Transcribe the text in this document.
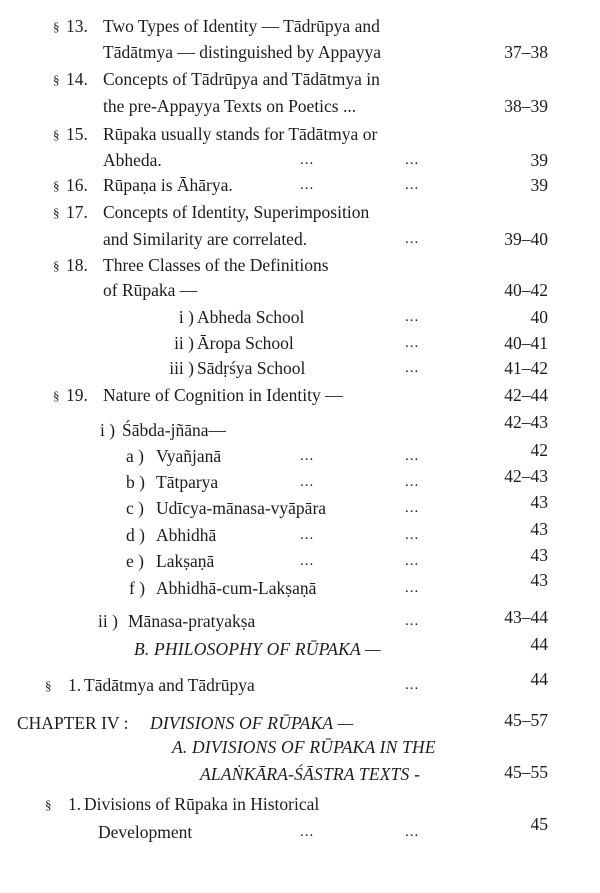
§ 13. Two Types of Identity — Tādrūpya and
Tādātmya — distinguished by Appayya	37–38
§ 14. Concepts of Tādrūpya and Tādātmya in
the pre-Appayya Texts on Poetics ...	38–39
§ 15. Rūpaka usually stands for Tādātmya or
Abheda.	...	...	39
§ 16. Rūpaṇa is Āhārya.	...	...	39
§ 17. Concepts of Identity, Superimposition
and Similarity are correlated.	...	39–40
§ 18. Three Classes of the Definitions
of Rūpaka —	40–42
i ) Abheda School	...	40
ii ) Āropa School	...	40–41
iii ) Sādṛśya School	...	41–42
§ 19. Nature of Cognition in Identity —	42–44
i ) Śābda-jñāna—	42–43
a ) Vyañjanā	...	...	42
b ) Tātparya	...	...	42–43
c ) Udīcya-mānasa-vyāpāra	...	43
d ) Abhidhā	...	...	43
e ) Lakṣaṇā	...	...	43
f ) Abhidhā-cum-Lakṣaṇā	...	43
ii ) Mānasa-pratyakṣa	...	43–44
B. PHILOSOPHY OF RŪPAKA —	44
§ 1. Tādātmya and Tādrūpya	...	44
CHAPTER IV : DIVISIONS OF RŪPAKA —	45–57
A. DIVISIONS OF RŪPAKA IN THE
ALAṄKĀRA-ŚĀSTRA TEXTS -	45–55
§ 1. Divisions of Rūpaka in Historical
Development	...	...	45
